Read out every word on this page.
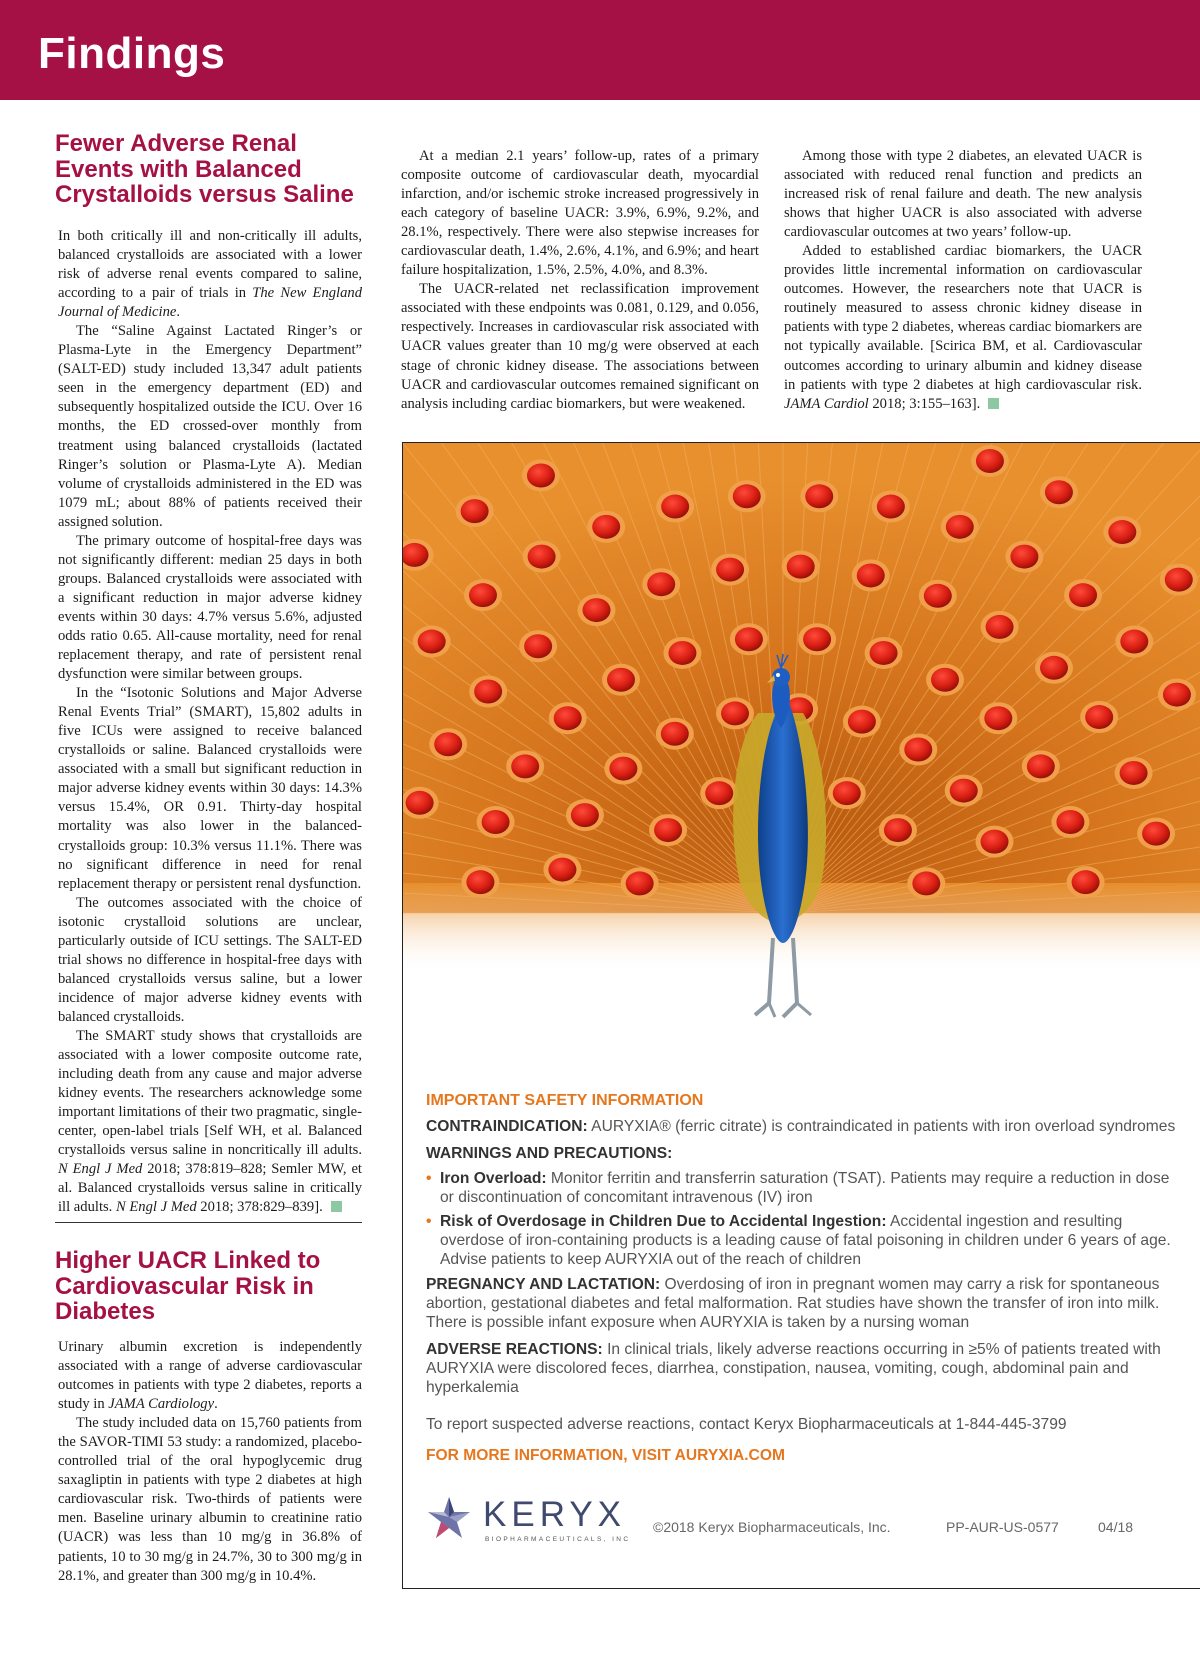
Findings
Fewer Adverse Renal Events with Balanced Crystalloids versus Saline

In both critically ill and non-critically ill adults, balanced crystalloids are associated with a lower risk of adverse renal events compared to saline, according to a pair of trials in The New England Journal of Medicine.

The “Saline Against Lactated Ringer’s or Plasma-Lyte in the Emergency Department” (SALT-ED) study included 13,347 adult patients seen in the emergency department (ED) and subsequently hospitalized outside the ICU. Over 16 months, the ED crossed-over monthly from treatment using balanced crystalloids (lactated Ringer’s solution or Plasma-Lyte A). Median volume of crystalloids administered in the ED was 1079 mL; about 88% of patients received their assigned solution.

The primary outcome of hospital-free days was not significantly different: median 25 days in both groups. Balanced crystalloids were associated with a significant reduction in major adverse kidney events within 30 days: 4.7% versus 5.6%, adjusted odds ratio 0.65. All-cause mortality, need for renal replacement therapy, and rate of persistent renal dysfunction were similar between groups.

In the “Isotonic Solutions and Major Adverse Renal Events Trial” (SMART), 15,802 adults in five ICUs were assigned to receive balanced crystalloids or saline. Balanced crystalloids were associated with a small but significant reduction in major adverse kidney events within 30 days: 14.3% versus 15.4%, OR 0.91. Thirty-day hospital mortality was also lower in the balanced-crystalloids group: 10.3% versus 11.1%. There was no significant difference in need for renal replacement therapy or persistent renal dysfunction.

The outcomes associated with the choice of isotonic crystalloid solutions are unclear, particularly outside of ICU settings. The SALT-ED trial shows no difference in hospital-free days with balanced crystalloids versus saline, but a lower incidence of major adverse kidney events with balanced crystalloids.

The SMART study shows that crystalloids are associated with a lower composite outcome rate, including death from any cause and major adverse kidney events. The researchers acknowledge some important limitations of their two pragmatic, single-center, open-label trials [Self WH, et al. Balanced crystalloids versus saline in noncritically ill adults. N Engl J Med 2018; 378:819–828; Semler MW, et al. Balanced crystalloids versus saline in critically ill adults. N Engl J Med 2018; 378:829–839].

Higher UACR Linked to Cardiovascular Risk in Diabetes

Urinary albumin excretion is independently associated with a range of adverse cardiovascular outcomes in patients with type 2 diabetes, reports a study in JAMA Cardiology.

The study included data on 15,760 patients from the SAVOR-TIMI 53 study: a randomized, placebo-controlled trial of the oral hypoglycemic drug saxagliptin in patients with type 2 diabetes at high cardiovascular risk. Two-thirds of patients were men. Baseline urinary albumin to creatinine ratio (UACR) was less than 10 mg/g in 36.8% of patients, 10 to 30 mg/g in 24.7%, 30 to 300 mg/g in 28.1%, and greater than 300 mg/g in 10.4%.

At a median 2.1 years’ follow-up, rates of a primary composite outcome of cardiovascular death, myocardial infarction, and/or ischemic stroke increased progressively in each category of baseline UACR: 3.9%, 6.9%, 9.2%, and 28.1%, respectively. There were also stepwise increases for cardiovascular death, 1.4%, 2.6%, 4.1%, and 6.9%; and heart failure hospitalization, 1.5%, 2.5%, 4.0%, and 8.3%.

The UACR-related net reclassification improvement associated with these endpoints was 0.081, 0.129, and 0.056, respectively. Increases in cardiovascular risk associated with UACR values greater than 10 mg/g were observed at each stage of chronic kidney disease. The associations between UACR and cardiovascular outcomes remained significant on analysis including cardiac biomarkers, but were weakened.

Among those with type 2 diabetes, an elevated UACR is associated with reduced renal function and predicts an increased risk of renal failure and death. The new analysis shows that higher UACR is also associated with adverse cardiovascular outcomes at two years’ follow-up.

Added to established cardiac biomarkers, the UACR provides little incremental information on cardiovascular outcomes. However, the researchers note that UACR is routinely measured to assess chronic kidney disease in patients with type 2 diabetes, whereas cardiac biomarkers are not typically available. [Scirica BM, et al. Cardiovascular outcomes according to urinary albumin and kidney disease in patients with type 2 diabetes at high cardiovascular risk. JAMA Cardiol 2018; 3:155–163].

IMPORTANT SAFETY INFORMATION
CONTRAINDICATION: AURYXIA® (ferric citrate) is contraindicated in patients with iron overload syndromes
WARNINGS AND PRECAUTIONS:
• Iron Overload: Monitor ferritin and transferrin saturation (TSAT). Patients may require a reduction in dose or discontinuation of concomitant intravenous (IV) iron
• Risk of Overdosage in Children Due to Accidental Ingestion: Accidental ingestion and resulting overdose of iron-containing products is a leading cause of fatal poisoning in children under 6 years of age. Advise patients to keep AURYXIA out of the reach of children
PREGNANCY AND LACTATION: Overdosing of iron in pregnant women may carry a risk for spontaneous abortion, gestational diabetes and fetal malformation. Rat studies have shown the transfer of iron into milk. There is possible infant exposure when AURYXIA is taken by a nursing woman
ADVERSE REACTIONS: In clinical trials, likely adverse reactions occurring in ≥5% of patients treated with AURYXIA were discolored feces, diarrhea, constipation, nausea, vomiting, cough, abdominal pain and hyperkalemia
To report suspected adverse reactions, contact Keryx Biopharmaceuticals at 1-844-445-3799
FOR MORE INFORMATION, VISIT AURYXIA.COM
KERYX
BIOPHARMACEUTICALS, INC
©2018 Keryx Biopharmaceuticals, Inc.	PP-AUR-US-0577	04/18
